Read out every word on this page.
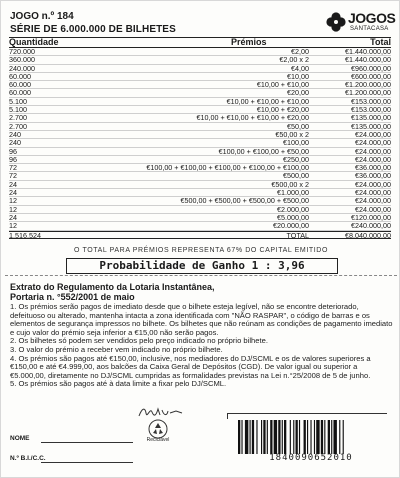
JOGO n.º 184
SÉRIE DE 6.000.000 DE BILHETES
JOGOS
SANTACASA
Quantidade	Prémios	Total
720.000	€2,00	€1.440.000,00
360.000	€2,00 x 2	€1.440.000,00
240.000	€4,00	€960.000,00
60.000	€10,00	€600.000,00
60.000	€10,00 + €10,00	€1.200.000,00
60.000	€20,00	€1.200.000,00
5.100	€10,00 + €10,00 + €10,00	€153.000,00
5.100	€10,00 + €20,00	€153.000,00
2.700	€10,00 + €10,00 + €10,00 + €20,00	€135.000,00
2.700	€50,00	€135.000,00
240	€50,00 x 2	€24.000,00
240	€100,00	€24.000,00
96	€100,00 + €100,00 + €50,00	€24.000,00
96	€250,00	€24.000,00
72	€100,00 + €100,00 + €100,00 + €100,00 + €100,00	€36.000,00
72	€500,00	€36.000,00
24	€500,00 x 2	€24.000,00
24	€1.000,00	€24.000,00
12	€500,00 + €500,00 + €500,00 + €500,00	€24.000,00
12	€2.000,00	€24.000,00
24	€5.000,00	€120.000,00
12	€20.000,00	€240.000,00
1.516.524	TOTAL	€8.040.000,00
O TOTAL PARA PRÉMIOS REPRESENTA 67% DO CAPITAL EMITIDO
Probabilidade de Ganho 1 : 3,96
Extrato do Regulamento da Lotaria Instantânea,
Portaria n. °552/2001 de maio

1. Os prémios serão pagos de imediato desde que o bilhete esteja legível, não se encontre deteriorado, defeituoso ou alterado, mantenha intacta a zona identificada com "NÃO RASPAR", o código de barras e os elementos de segurança impressos no bilhete. Os bilhetes que não reúnam as condições de pagamento imediato e cujo valor do prémio seja inferior a €15,00 não serão pagos.

2. Os bilhetes só podem ser vendidos pelo preço indicado no próprio bilhete.

3. O valor do prémio a receber vem indicado no próprio bilhete.

4. Os prémios são pagos até €150,00, inclusive, nos mediadores do DJ/SCML e os de valores superiores a €150,00 e até €4.999,00, aos balcões da Caixa Geral de Depósitos (CGD). De valor igual ou superior a €5.000,00, diretamente no DJ/SCML cumpridas as formalidades previstas na Lei n.°25/2008 de 5 de junho.

5. Os prémios são pagos até à data limite a fixar pelo DJ/SCML.

Reciclável
NOME
N.º B.I./C.C.	1840090652010
